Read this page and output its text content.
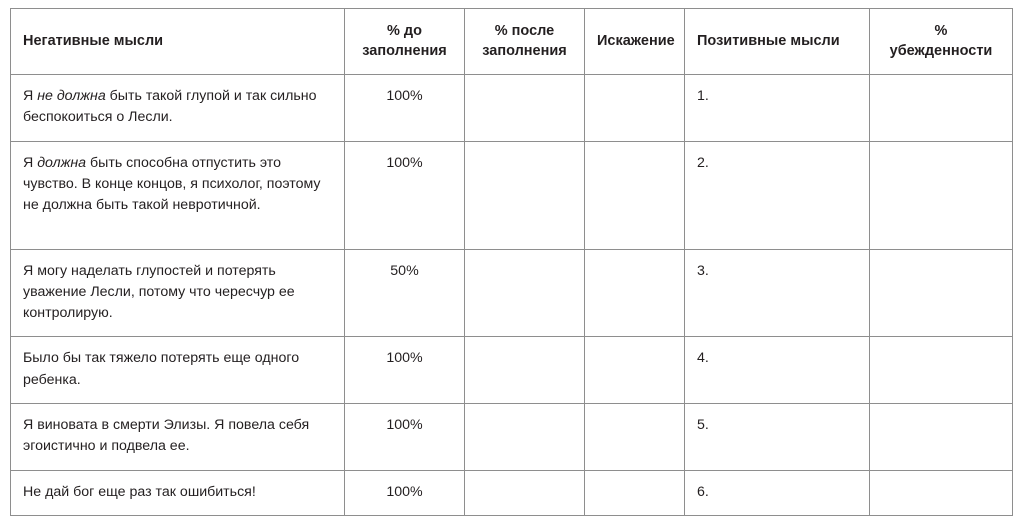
Негативные мысли	% до заполнения	% после заполнения	Искажение	Позитивные мысли	% убежденности
Я не должна быть такой глупой и так сильно беспокоиться о Лесли.	100%			1.	
Я должна быть способна отпустить это чувство. В конце концов, я психолог, поэтому не должна быть такой невротичной.	100%			2.	
Я могу наделать глупостей и потерять уважение Лесли, потому что чересчур ее контролирую.	50%			3.	
Было бы так тяжело потерять еще одного ребенка.	100%			4.	
Я виновата в смерти Элизы. Я повела себя эгоистично и подвела ее.	100%			5.	
Не дай бог еще раз так ошибиться!	100%			6.	
